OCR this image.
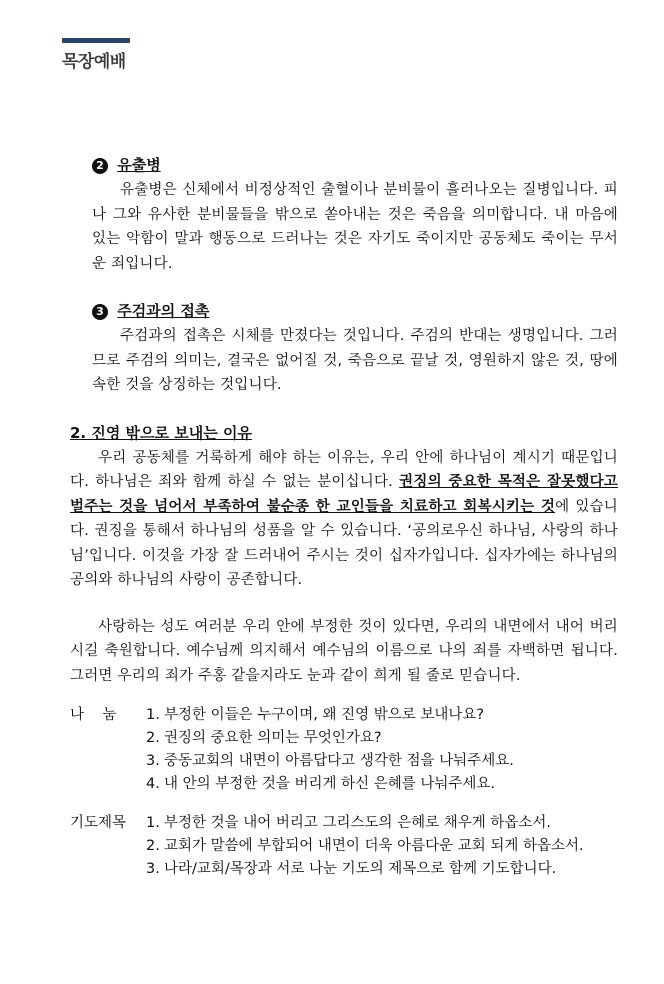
목장예배
2 유출병

유출병은 신체에서 비정상적인 출혈이나 분비물이 흘러나오는 질병입니다. 피나 그와 유사한 분비물들을 밖으로 쏟아내는 것은 죽음을 의미합니다. 내 마음에 있는 악함이 말과 행동으로 드러나는 것은 자기도 죽이지만 공동체도 죽이는 무서운 죄입니다.

3 주검과의 접촉

주검과의 접촉은 시체를 만졌다는 것입니다. 주검의 반대는 생명입니다. 그러므로 주검의 의미는, 결국은 없어질 것, 죽음으로 끝날 것, 영원하지 않은 것, 땅에 속한 것을 상징하는 것입니다.

2. 진영 밖으로 보내는 이유

우리 공동체를 거룩하게 해야 하는 이유는, 우리 안에 하나님이 계시기 때문입니다. 하나님은 죄와 함께 하실 수 없는 분이십니다. 권징의 중요한 목적은 잘못했다고 벌주는 것을 넘어서 부족하여 불순종 한 교인들을 치료하고 회복시키는 것에 있습니다. 권징을 통해서 하나님의 성품을 알 수 있습니다. ‘공의로우신 하나님, 사랑의 하나님’입니다. 이것을 가장 잘 드러내어 주시는 것이 십자가입니다. 십자가에는 하나님의 공의와 하나님의 사랑이 공존합니다.

사랑하는 성도 여러분 우리 안에 부정한 것이 있다면, 우리의 내면에서 내어 버리시길 축원합니다. 예수님께 의지해서 예수님의 이름으로 나의 죄를 자백하면 됩니다. 그러면 우리의 죄가 주홍 같을지라도 눈과 같이 희게 될 줄로 믿습니다.

나    눔	1. 부정한 이들은 누구이며, 왜 진영 밖으로 보내나요?
2. 권징의 중요한 의미는 무엇인가요?
3. 중동교회의 내면이 아름답다고 생각한 점을 나눠주세요.
4. 내 안의 부정한 것을 버리게 하신 은혜를 나눠주세요.
기도제목	1. 부정한 것을 내어 버리고 그리스도의 은혜로 채우게 하옵소서.
2. 교회가 말씀에 부합되어 내면이 더욱 아름다운 교회 되게 하옵소서.
3. 나라/교회/목장과 서로 나눈 기도의 제목으로 함께 기도합니다.
